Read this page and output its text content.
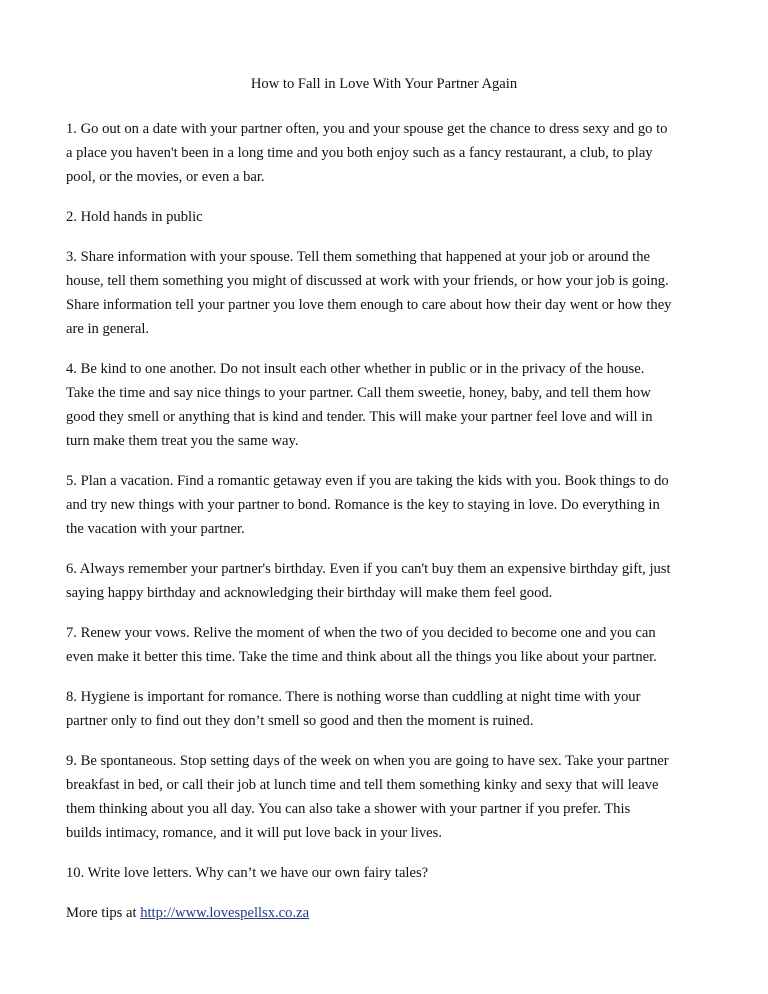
How to Fall in Love With Your Partner Again
1. Go out on a date with your partner often, you and your spouse get the chance to dress sexy and go to
a place you haven't been in a long time and you both enjoy such as a fancy restaurant, a club, to play
pool, or the movies, or even a bar.
2. Hold hands in public
3. Share information with your spouse. Tell them something that happened at your job or around the
house, tell them something you might of discussed at work with your friends, or how your job is going.
Share information tell your partner you love them enough to care about how their day went or how they
are in general.
4. Be kind to one another. Do not insult each other whether in public or in the privacy of the house.
Take the time and say nice things to your partner. Call them sweetie, honey, baby, and tell them how
good they smell or anything that is kind and tender. This will make your partner feel love and will in
turn make them treat you the same way.
5. Plan a vacation. Find a romantic getaway even if you are taking the kids with you. Book things to do
and try new things with your partner to bond. Romance is the key to staying in love. Do everything in
the vacation with your partner.
6. Always remember your partner's birthday. Even if you can't buy them an expensive birthday gift, just
saying happy birthday and acknowledging their birthday will make them feel good.
7. Renew your vows. Relive the moment of when the two of you decided to become one and you can
even make it better this time. Take the time and think about all the things you like about your partner.
8. Hygiene is important for romance. There is nothing worse than cuddling at night time with your
partner only to find out they don’t smell so good and then the moment is ruined.
9. Be spontaneous. Stop setting days of the week on when you are going to have sex. Take your partner
breakfast in bed, or call their job at lunch time and tell them something kinky and sexy that will leave
them thinking about you all day. You can also take a shower with your partner if you prefer. This
builds intimacy, romance, and it will put love back in your lives.
10. Write love letters. Why can’t we have our own fairy tales?
More tips at http://www.lovespellsx.co.za
